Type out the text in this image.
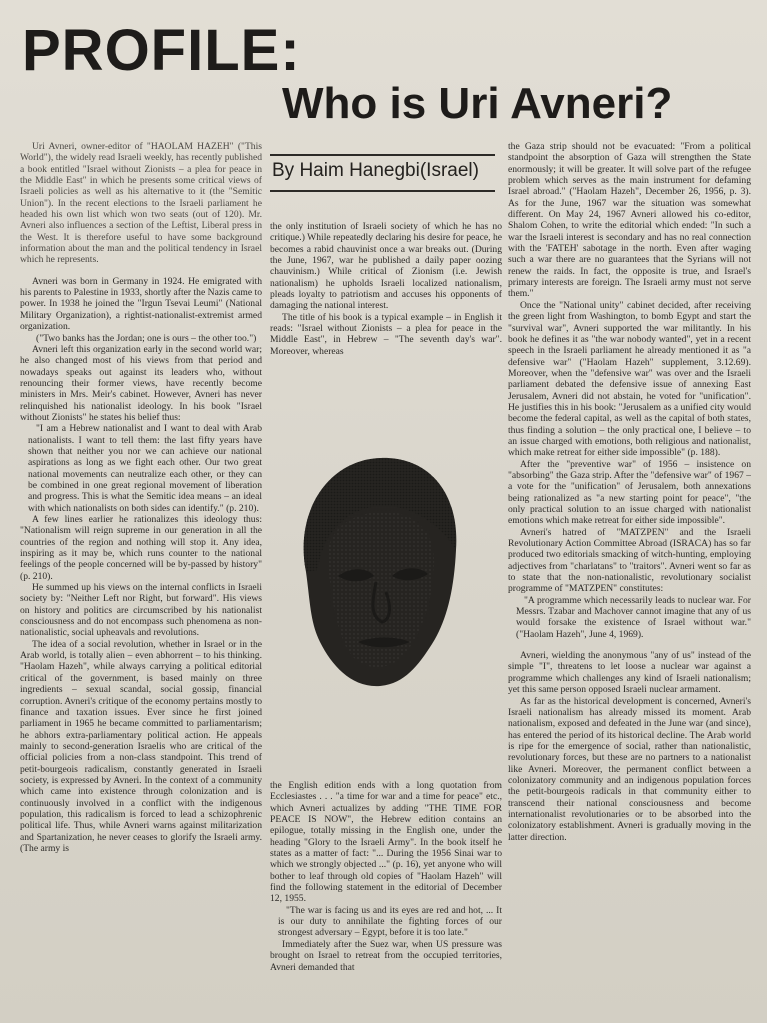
PROFILE:
Who is Uri Avneri?
By Haim Hanegbi(Israel)

Uri Avneri, owner-editor of "HAOLAM HAZEH" ("This World"), the widely read Israeli weekly, has recently published a book entitled "Israel without Zionists – a plea for peace in the Middle East" in which he presents some critical views of Israeli policies as well as his alternative to it (the "Semitic Union"). In the recent elections to the Israeli parliament he headed his own list which won two seats (out of 120). Mr. Avneri also influences a section of the Leftist, Liberal press in the West. It is therefore useful to have some background information about the man and the political tendency in Israel which he represents.

Avneri was born in Germany in 1924. He emigrated with his parents to Palestine in 1933, shortly after the Nazis came to power. In 1938 he joined the "Irgun Tsevai Leumi" (National Military Organization), a rightist-nationalist-extremist armed organization.

("Two banks has the Jordan; one is ours – the other too.")

Avneri left this organization early in the second world war; he also changed most of his views from that period and nowadays speaks out against its leaders who, without renouncing their former views, have recently become ministers in Mrs. Meir's cabinet. However, Avneri has never relinquished his nationalist ideology. In his book "Israel without Zionists" he states his belief thus:

"I am a Hebrew nationalist and I want to deal with Arab nationalists. I want to tell them: the last fifty years have shown that neither you nor we can achieve our national aspirations as long as we fight each other. Our two great national movements can neutralize each other, or they can be combined in one great regional movement of liberation and progress. This is what the Semitic idea means – an ideal with which nationalists on both sides can identify." (p. 210).

A few lines earlier he rationalizes this ideology thus: "Nationalism will reign supreme in our generation in all the countries of the region and nothing will stop it. Any idea, inspiring as it may be, which runs counter to the national feelings of the people concerned will be by-passed by history" (p. 210).

He summed up his views on the internal conflicts in Israeli society by: "Neither Left nor Right, but forward". His views on history and politics are circumscribed by his nationalist consciousness and do not encompass such phenomena as non-nationalistic, social upheavals and revolutions.

The idea of a social revolution, whether in Israel or in the Arab world, is totally alien – even abhorrent – to his thinking. "Haolam Hazeh", while always carrying a political editorial critical of the government, is based mainly on three ingredients – sexual scandal, social gossip, financial corruption. Avneri's critique of the economy pertains mostly to finance and taxation issues. Ever since he first joined parliament in 1965 he became committed to parliamentarism; he abhors extra-parliamentary political action. He appeals mainly to second-generation Israelis who are critical of the official policies from a non-class standpoint. This trend of petit-bourgeois radicalism, constantly generated in Israeli society, is expressed by Avneri. In the context of a community which came into existence through colonization and is continuously involved in a conflict with the indigenous population, this radicalism is forced to lead a schizophrenic political life. Thus, while Avneri warns against militarization and Spartanization, he never ceases to glorify the Israeli army. (The army is

the only institution of Israeli society of which he has no critique.) While repeatedly declaring his desire for peace, he becomes a rabid chauvinist once a war breaks out. (During the June, 1967, war he published a daily paper oozing chauvinism.) While critical of Zionism (i.e. Jewish nationalism) he upholds Israeli localized nationalism, pleads loyalty to patriotism and accuses his opponents of damaging the national interest.

The title of his book is a typical example – in English it reads: "Israel without Zionists – a plea for peace in the Middle East", in Hebrew – "The seventh day's war". Moreover, whereas

the English edition ends with a long quotation from Ecclesiastes . . . "a time for war and a time for peace" etc., which Avneri actualizes by adding "THE TIME FOR PEACE IS NOW", the Hebrew edition contains an epilogue, totally missing in the English one, under the heading "Glory to the Israeli Army". In the book itself he states as a matter of fact: "... During the 1956 Sinai war to which we strongly objected ..." (p. 16), yet anyone who will bother to leaf through old copies of "Haolam Hazeh" will find the following statement in the editorial of December 12, 1955.

"The war is facing us and its eyes are red and hot, ... It is our duty to annihilate the fighting forces of our strongest adversary – Egypt, before it is too late."

Immediately after the Suez war, when US pressure was brought on Israel to retreat from the occupied territories, Avneri demanded that

the Gaza strip should not be evacuated: "From a political standpoint the absorption of Gaza will strengthen the State enormously; it will be greater. It will solve part of the refugee problem which serves as the main instrument for defaming Israel abroad." ("Haolam Hazeh", December 26, 1956, p. 3). As for the June, 1967 war the situation was somewhat different. On May 24, 1967 Avneri allowed his co-editor, Shalom Cohen, to write the editorial which ended: "In such a war the Israeli interest is secondary and has no real connection with the 'FATEH' sabotage in the north. Even after waging such a war there are no guarantees that the Syrians will not renew the raids. In fact, the opposite is true, and Israel's primary interests are foreign. The Israeli army must not serve them."

Once the "National unity" cabinet decided, after receiving the green light from Washington, to bomb Egypt and start the "survival war", Avneri supported the war militantly. In his book he defines it as "the war nobody wanted", yet in a recent speech in the Israeli parliament he already mentioned it as "a defensive war" ("Haolam Hazeh" supplement, 3.12.69). Moreover, when the "defensive war" was over and the Israeli parliament debated the defensive issue of annexing East Jerusalem, Avneri did not abstain, he voted for "unification". He justifies this in his book: "Jerusalem as a unified city would become the federal capital, as well as the capital of both states, thus finding a solution – the only practical one, I believe – to an issue charged with emotions, both religious and nationalist, which make retreat for either side impossible" (p. 188).

After the "preventive war" of 1956 – insistence on "absorbing" the Gaza strip. After the "defensive war" of 1967 – a vote for the "unification" of Jerusalem, both annexations being rationalized as "a new starting point for peace", "the only practical solution to an issue charged with nationalist emotions which make retreat for either side impossible".

Avneri's hatred of "MATZPEN" and the Israeli Revolutionary Action Committee Abroad (ISRACA) has so far produced two editorials smacking of witch-hunting, employing adjectives from "charlatans" to "traitors". Avneri went so far as to state that the non-nationalistic, revolutionary socialist programme of "MATZPEN" constitutes:

"A programme which necessarily leads to nuclear war. For Messrs. Tzabar and Machover cannot imagine that any of us would forsake the existence of Israel without war." ("Haolam Hazeh", June 4, 1969).

Avneri, wielding the anonymous "any of us" instead of the simple "I", threatens to let loose a nuclear war against a programme which challenges any kind of Israeli nationalism; yet this same person opposed Israeli nuclear armament.

As far as the historical development is concerned, Avneri's Israeli nationalism has already missed its moment. Arab nationalism, exposed and defeated in the June war (and since), has entered the period of its historical decline. The Arab world is ripe for the emergence of social, rather than nationalistic, revolutionary forces, but these are no partners to a nationalist like Avneri. Moreover, the permanent conflict between a colonizatory community and an indigenous population forces the petit-bourgeois radicals in that community either to transcend their national consciousness and become internationalist revolutionaries or to be absorbed into the colonizatory establishment. Avneri is gradually moving in the latter direction.
